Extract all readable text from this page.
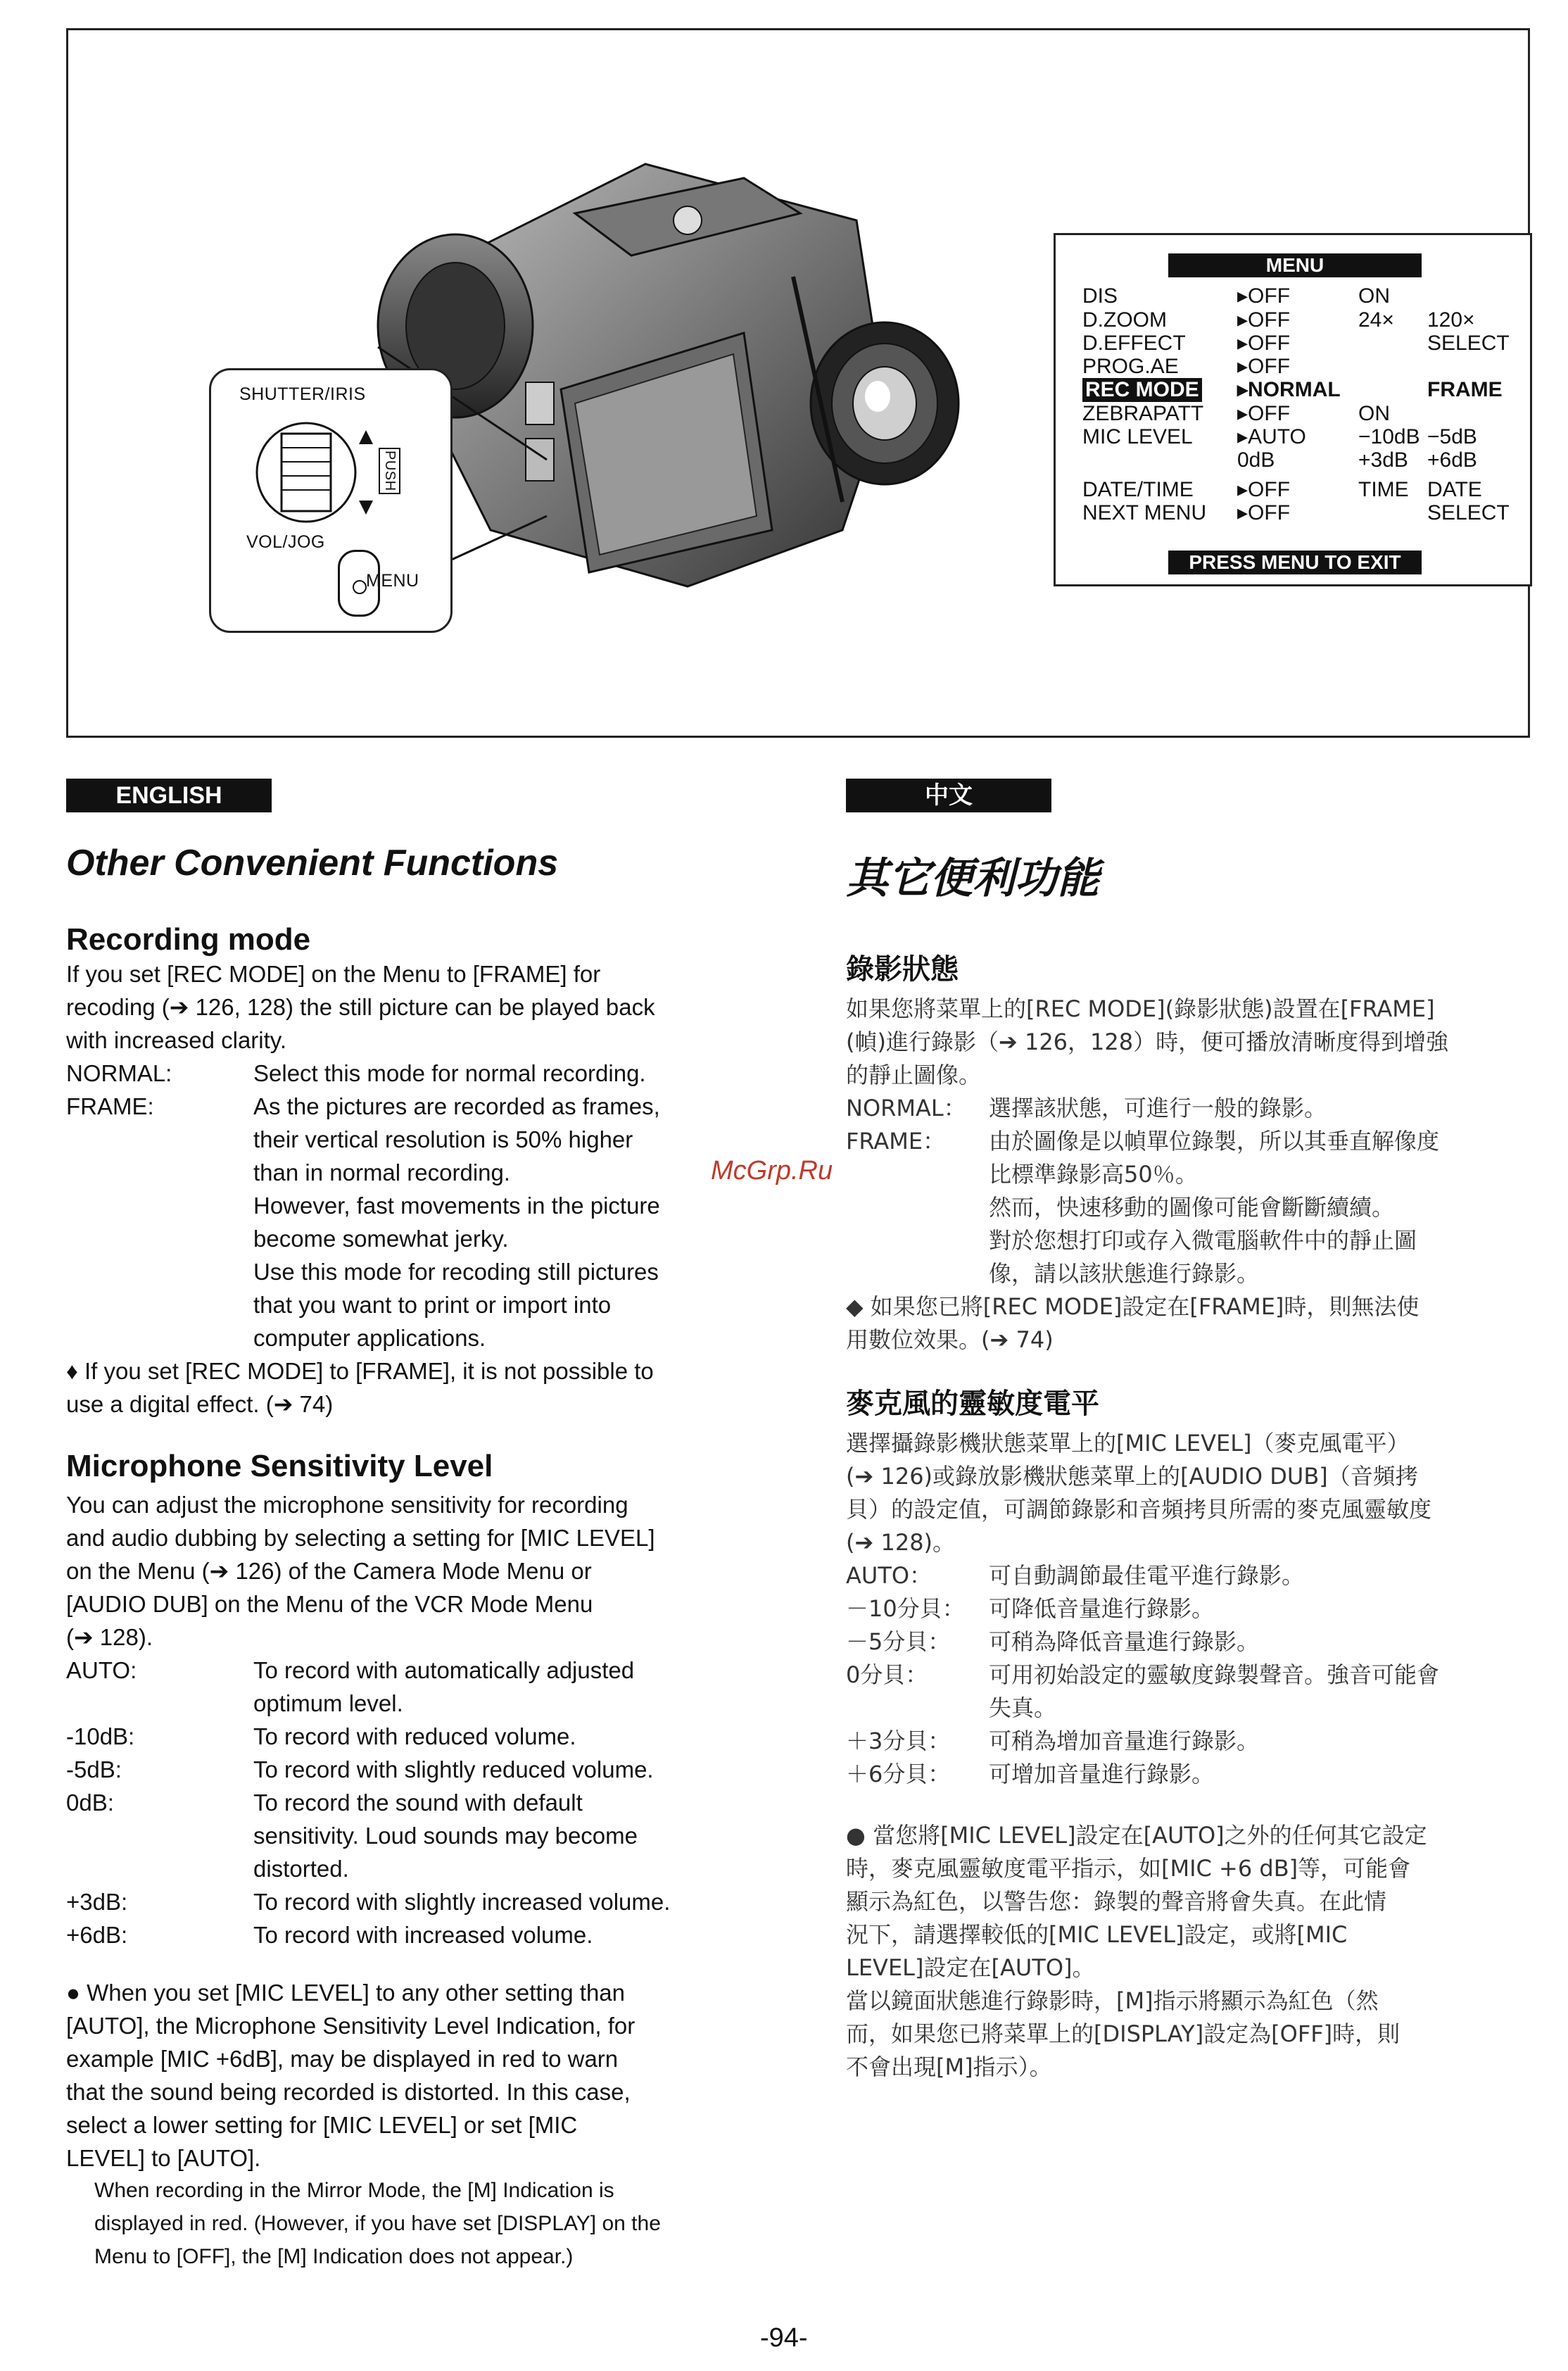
SHUTTER/IRIS
PUSH
VOL/JOG
MENU
MENU
DIS	▸OFF	ON
D.ZOOM	▸OFF	24× 120×
D.EFFECT ▸OFF	SELECT
PROG.AE	▸OFF
REC MODE ▸NORMAL	FRAME
ZEBRAPATT ▸OFF	ON
MIC LEVEL ▸AUTO −10dB −5dB
0dB	+3dB +6dB
DATE/TIME ▸OFF	TIME DATE
NEXT MENU ▸OFF	SELECT
PRESS MENU TO EXIT
ENGLISH
Other Convenient Functions
Recording mode
中文
其它便利功能
McGrp.Ru
-94-
If you set [REC MODE] on the Menu to [FRAME] for
recoding (➔ 126, 128) the still picture can be played back
with increased clarity.
NORMAL:	Select this mode for normal recording.
FRAME:	As the pictures are recorded as frames,
their vertical resolution is 50% higher
than in normal recording.
However, fast movements in the picture
become somewhat jerky.
Use this mode for recoding still pictures
that you want to print or import into
computer applications.
♦ If you set [REC MODE] to [FRAME], it is not possible to
use a digital effect. (➔ 74)
Microphone Sensitivity Level
You can adjust the microphone sensitivity for recording
and audio dubbing by selecting a setting for [MIC LEVEL]
on the Menu (➔ 126) of the Camera Mode Menu or
[AUDIO DUB] on the Menu of the VCR Mode Menu
(➔ 128).
AUTO:	To record with automatically adjusted
optimum level.
-10dB:	To record with reduced volume.
-5dB:	To record with slightly reduced volume.
0dB:	To record the sound with default
sensitivity. Loud sounds may become
distorted.
+3dB:	To record with slightly increased volume.
+6dB:	To record with increased volume.
● When you set [MIC LEVEL] to any other setting than
[AUTO], the Microphone Sensitivity Level Indication, for
example [MIC +6dB], may be displayed in red to warn
that the sound being recorded is distorted. In this case,
select a lower setting for [MIC LEVEL] or set [MIC
LEVEL] to [AUTO].
When recording in the Mirror Mode, the [M] Indication is
displayed in red. (However, if you have set [DISPLAY] on the
Menu to [OFF], the [M] Indication does not appear.)
錄影狀態
如果您將菜單上的[REC MODE](錄影狀態)設置在[FRAME]
(幀)進行錄影（➔ 126，128）時，便可播放清晰度得到增強
的靜止圖像。
NORMAL： 選擇該狀態，可進行一般的錄影。
FRAME： 由於圖像是以幀單位錄製，所以其垂直解像度
比標準錄影高50％。
然而，快速移動的圖像可能會斷斷續續。
對於您想打印或存入微電腦軟件中的靜止圖
像，請以該狀態進行錄影。
◆ 如果您已將[REC MODE]設定在[FRAME]時，則無法使
用數位效果。(➔ 74)
麥克風的靈敏度電平
選擇攝錄影機狀態菜單上的[MIC LEVEL]（麥克風電平）
(➔ 126)或錄放影機狀態菜單上的[AUDIO DUB]（音頻拷
貝）的設定值，可調節錄影和音頻拷貝所需的麥克風靈敏度
(➔ 128)。
AUTO：	可自動調節最佳電平進行錄影。
－10分貝： 可降低音量進行錄影。
－5分貝： 可稍為降低音量進行錄影。
0分貝：	可用初始設定的靈敏度錄製聲音。強音可能會
失真。
＋3分貝： 可稍為增加音量進行錄影。
＋6分貝： 可增加音量進行錄影。
● 當您將[MIC LEVEL]設定在[AUTO]之外的任何其它設定
時，麥克風靈敏度電平指示，如[MIC +6 dB]等，可能會
顯示為紅色，以警告您：錄製的聲音將會失真。在此情
況下，請選擇較低的[MIC LEVEL]設定，或將[MIC
LEVEL]設定在[AUTO]。
當以鏡面狀態進行錄影時，[M]指示將顯示為紅色（然
而，如果您已將菜單上的[DISPLAY]設定為[OFF]時，則
不會出現[M]指示）。
